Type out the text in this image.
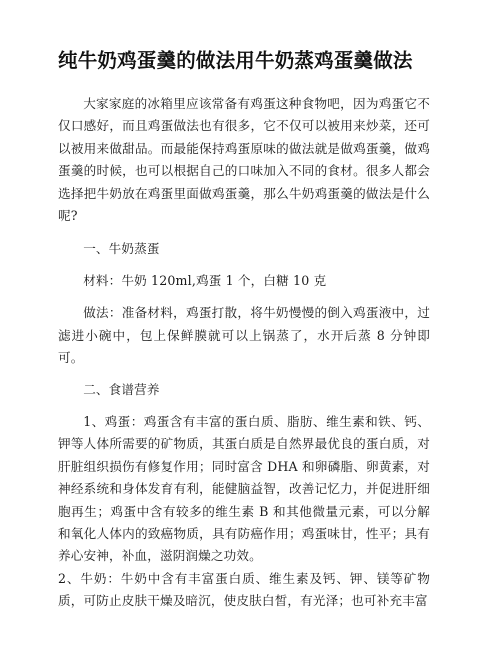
纯牛奶鸡蛋羹的做法用牛奶蒸鸡蛋羹做法

大家家庭的冰箱里应该常备有鸡蛋这种食物吧，因为鸡蛋它不仅口感好，而且鸡蛋做法也有很多，它不仅可以被用来炒菜，还可以被用来做甜品。而最能保持鸡蛋原味的做法就是做鸡蛋羹，做鸡蛋羹的时候，也可以根据自己的口味加入不同的食材。很多人都会选择把牛奶放在鸡蛋里面做鸡蛋羹，那么牛奶鸡蛋羹的做法是什么呢?

一、牛奶蒸蛋

材料：牛奶 120ml,鸡蛋 1 个，白糖 10 克

做法：准备材料，鸡蛋打散，将牛奶慢慢的倒入鸡蛋液中，过滤进小碗中，包上保鲜膜就可以上锅蒸了，水开后蒸 8 分钟即可。

二、食谱营养

1、鸡蛋：鸡蛋含有丰富的蛋白质、脂肪、维生素和铁、钙、钾等人体所需要的矿物质，其蛋白质是自然界最优良的蛋白质，对肝脏组织损伤有修复作用；同时富含 DHA 和卵磷脂、卵黄素，对神经系统和身体发育有利，能健脑益智，改善记忆力，并促进肝细胞再生；鸡蛋中含有较多的维生素 B 和其他微量元素，可以分解和氧化人体内的致癌物质，具有防癌作用；鸡蛋味甘，性平；具有养心安神，补血，滋阴润燥之功效。

2、牛奶：牛奶中含有丰富蛋白质、维生素及钙、钾、镁等矿物质，可防止皮肤干燥及暗沉，使皮肤白皙，有光泽；也可补充丰富
